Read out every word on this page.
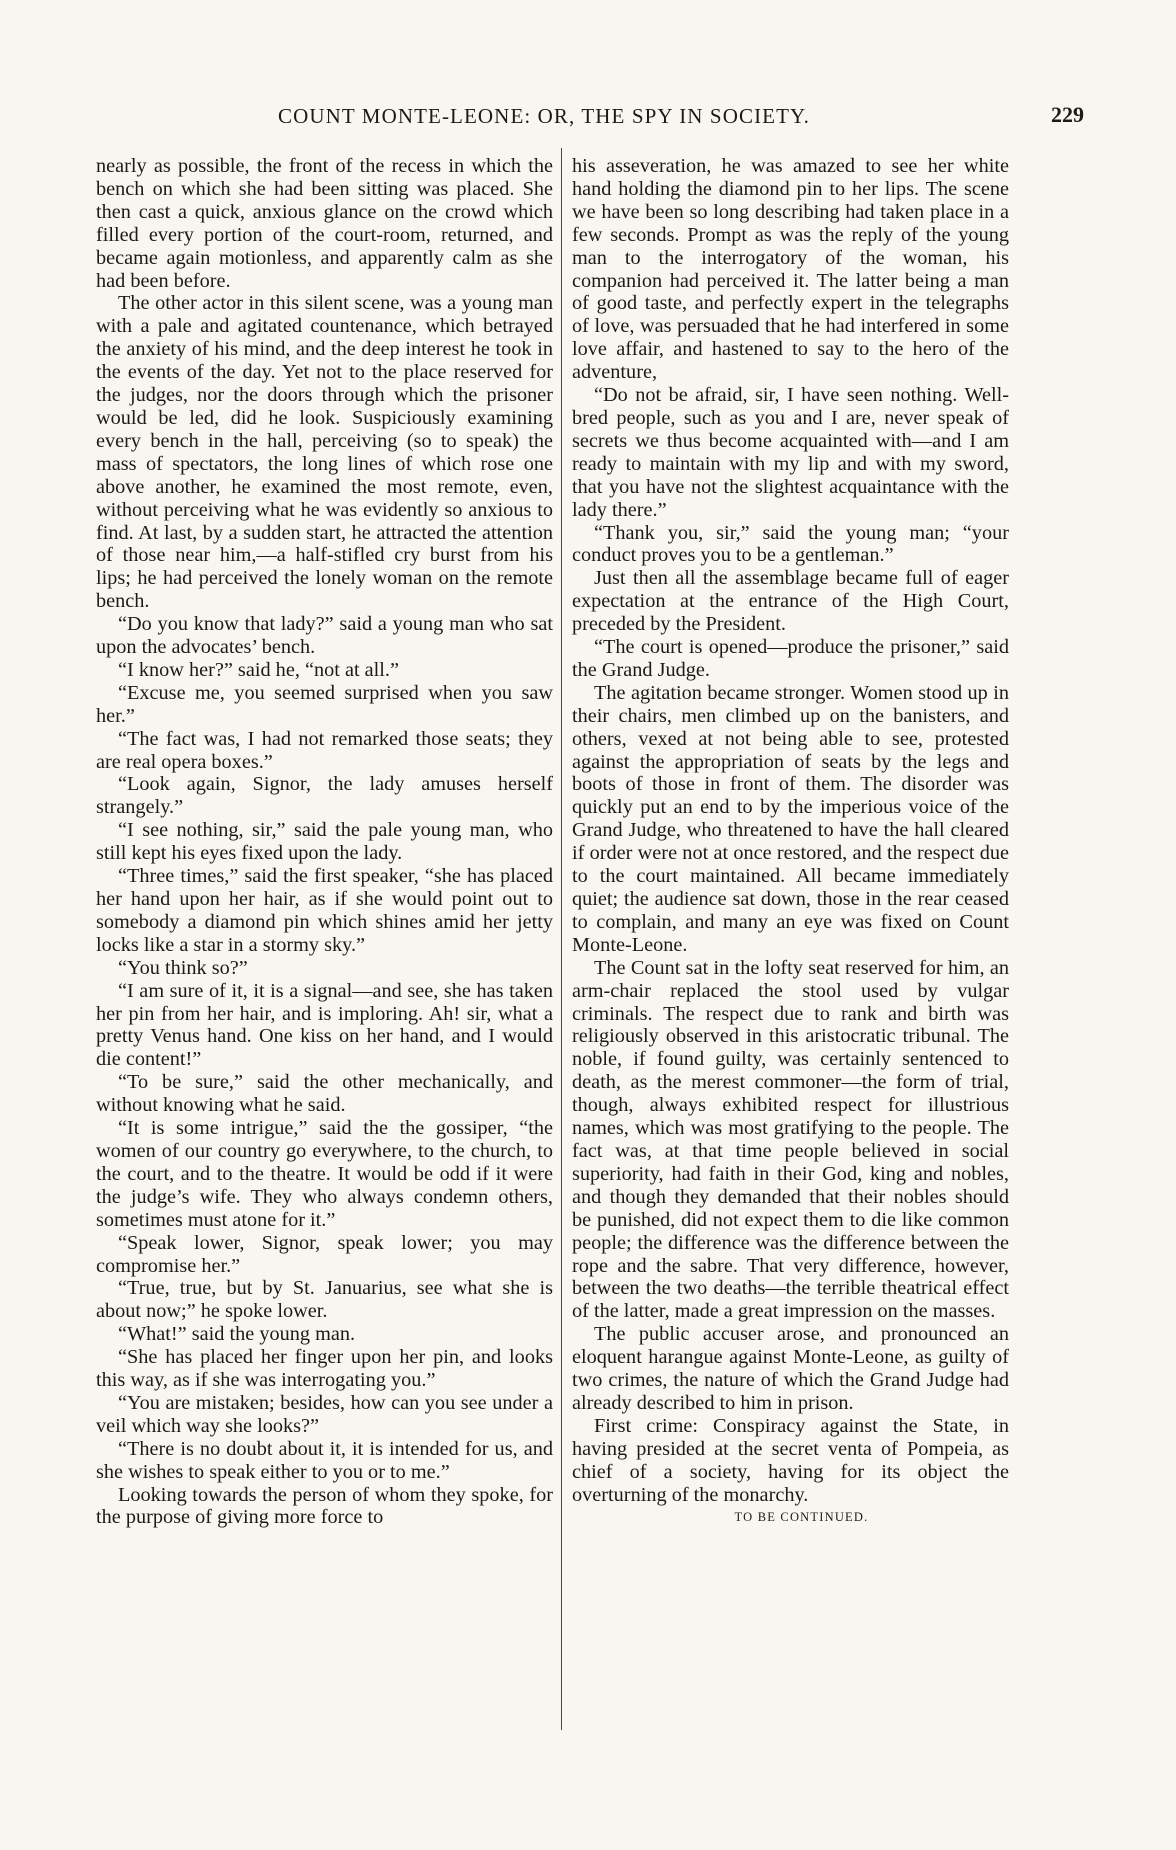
COUNT MONTE-LEONE: OR, THE SPY IN SOCIETY.	229

nearly as possible, the front of the recess in which the bench on which she had been sitting was placed. She then cast a quick, anxious glance on the crowd which filled every portion of the court-room, returned, and became again motionless, and apparently calm as she had been before.

The other actor in this silent scene, was a young man with a pale and agitated countenance, which betrayed the anxiety of his mind, and the deep interest he took in the events of the day. Yet not to the place reserved for the judges, nor the doors through which the prisoner would be led, did he look. Suspiciously examining every bench in the hall, perceiving (so to speak) the mass of spectators, the long lines of which rose one above another, he examined the most remote, even, without perceiving what he was evidently so anxious to find. At last, by a sudden start, he attracted the attention of those near him,—a half-stifled cry burst from his lips; he had perceived the lonely woman on the remote bench.

“Do you know that lady?” said a young man who sat upon the advocates’ bench.

“I know her?” said he, “not at all.”

“Excuse me, you seemed surprised when you saw her.”

“The fact was, I had not remarked those seats; they are real opera boxes.”

“Look again, Signor, the lady amuses herself strangely.”

“I see nothing, sir,” said the pale young man, who still kept his eyes fixed upon the lady.

“Three times,” said the first speaker, “she has placed her hand upon her hair, as if she would point out to somebody a diamond pin which shines amid her jetty locks like a star in a stormy sky.”

“You think so?”

“I am sure of it, it is a signal—and see, she has taken her pin from her hair, and is imploring. Ah! sir, what a pretty Venus hand. One kiss on her hand, and I would die content!”

“To be sure,” said the other mechanically, and without knowing what he said.

“It is some intrigue,” said the the gossiper, “the women of our country go everywhere, to the church, to the court, and to the theatre. It would be odd if it were the judge’s wife. They who always condemn others, sometimes must atone for it.”

“Speak lower, Signor, speak lower; you may compromise her.”

“True, true, but by St. Januarius, see what she is about now;” he spoke lower.

“What!” said the young man.

“She has placed her finger upon her pin, and looks this way, as if she was interrogating you.”

“You are mistaken; besides, how can you see under a veil which way she looks?”

“There is no doubt about it, it is intended for us, and she wishes to speak either to you or to me.”

Looking towards the person of whom they spoke, for the purpose of giving more force to

his asseveration, he was amazed to see her white hand holding the diamond pin to her lips. The scene we have been so long describing had taken place in a few seconds. Prompt as was the reply of the young man to the interrogatory of the woman, his companion had perceived it. The latter being a man of good taste, and perfectly expert in the telegraphs of love, was persuaded that he had interfered in some love affair, and hastened to say to the hero of the adventure,

“Do not be afraid, sir, I have seen nothing. Well-bred people, such as you and I are, never speak of secrets we thus become acquainted with—and I am ready to maintain with my lip and with my sword, that you have not the slightest acquaintance with the lady there.”

“Thank you, sir,” said the young man; “your conduct proves you to be a gentleman.”

Just then all the assemblage became full of eager expectation at the entrance of the High Court, preceded by the President.

“The court is opened—produce the prisoner,” said the Grand Judge.

The agitation became stronger. Women stood up in their chairs, men climbed up on the banisters, and others, vexed at not being able to see, protested against the appropriation of seats by the legs and boots of those in front of them. The disorder was quickly put an end to by the imperious voice of the Grand Judge, who threatened to have the hall cleared if order were not at once restored, and the respect due to the court maintained. All became immediately quiet; the audience sat down, those in the rear ceased to complain, and many an eye was fixed on Count Monte-Leone.

The Count sat in the lofty seat reserved for him, an arm-chair replaced the stool used by vulgar criminals. The respect due to rank and birth was religiously observed in this aristocratic tribunal. The noble, if found guilty, was certainly sentenced to death, as the merest commoner—the form of trial, though, always exhibited respect for illustrious names, which was most gratifying to the people. The fact was, at that time people believed in social superiority, had faith in their God, king and nobles, and though they demanded that their nobles should be punished, did not expect them to die like common people; the difference was the difference between the rope and the sabre. That very difference, however, between the two deaths—the terrible theatrical effect of the latter, made a great impression on the masses.

The public accuser arose, and pronounced an eloquent harangue against Monte-Leone, as guilty of two crimes, the nature of which the Grand Judge had already described to him in prison.

First crime: Conspiracy against the State, in having presided at the secret venta of Pompeia, as chief of a society, having for its object the overturning of the monarchy.

TO BE CONTINUED.
